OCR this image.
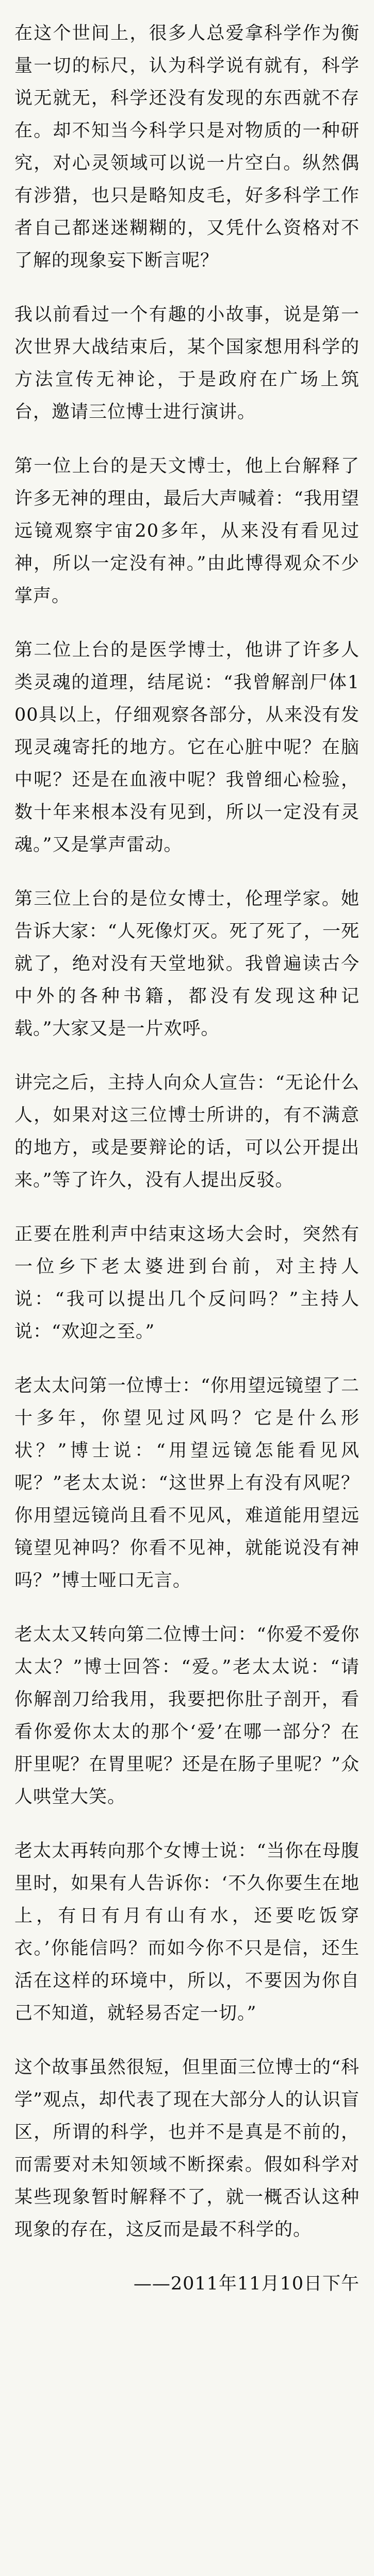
在这个世间上，很多人总爱拿科学作为衡量一切的标尺，认为科学说有就有，科学说无就无，科学还没有发现的东西就不存在。却不知当今科学只是对物质的一种研究，对心灵领域可以说一片空白。纵然偶有涉猎，也只是略知皮毛，好多科学工作者自己都迷迷糊糊的，又凭什么资格对不了解的现象妄下断言呢？

我以前看过一个有趣的小故事，说是第一次世界大战结束后，某个国家想用科学的方法宣传无神论，于是政府在广场上筑台，邀请三位博士进行演讲。

第一位上台的是天文博士，他上台解释了许多无神的理由，最后大声喊着：“我用望远镜观察宇宙20多年，从来没有看见过神，所以一定没有神。”由此博得观众不少掌声。

第二位上台的是医学博士，他讲了许多人类灵魂的道理，结尾说：“我曾解剖尸体100具以上，仔细观察各部分，从来没有发现灵魂寄托的地方。它在心脏中呢？在脑中呢？还是在血液中呢？我曾细心检验，数十年来根本没有见到，所以一定没有灵魂。”又是掌声雷动。

第三位上台的是位女博士，伦理学家。她告诉大家：“人死像灯灭。死了死了，一死就了，绝对没有天堂地狱。我曾遍读古今中外的各种书籍，都没有发现这种记载。”大家又是一片欢呼。

讲完之后，主持人向众人宣告：“无论什么人，如果对这三位博士所讲的，有不满意的地方，或是要辩论的话，可以公开提出来。”等了许久，没有人提出反驳。

正要在胜利声中结束这场大会时，突然有一位乡下老太婆进到台前，对主持人说：“我可以提出几个反问吗？”主持人说：“欢迎之至。”

老太太问第一位博士：“你用望远镜望了二十多年，你望见过风吗？它是什么形状？”博士说：“用望远镜怎能看见风呢？”老太太说：“这世界上有没有风呢？你用望远镜尚且看不见风，难道能用望远镜望见神吗？你看不见神，就能说没有神吗？”博士哑口无言。

老太太又转向第二位博士问：“你爱不爱你太太？”博士回答：“爱。”老太太说：“请你解剖刀给我用，我要把你肚子剖开，看看你爱你太太的那个‘爱’在哪一部分？在肝里呢？在胃里呢？还是在肠子里呢？”众人哄堂大笑。

老太太再转向那个女博士说：“当你在母腹里时，如果有人告诉你：‘不久你要生在地上，有日有月有山有水，还要吃饭穿衣。’你能信吗？而如今你不只是信，还生活在这样的环境中，所以，不要因为你自己不知道，就轻易否定一切。”

这个故事虽然很短，但里面三位博士的“科学”观点，却代表了现在大部分人的认识盲区，所谓的科学，也并不是真是不前的，而需要对未知领域不断探索。假如科学对某些现象暂时解释不了，就一概否认这种现象的存在，这反而是最不科学的。

——2011年11月10日下午
